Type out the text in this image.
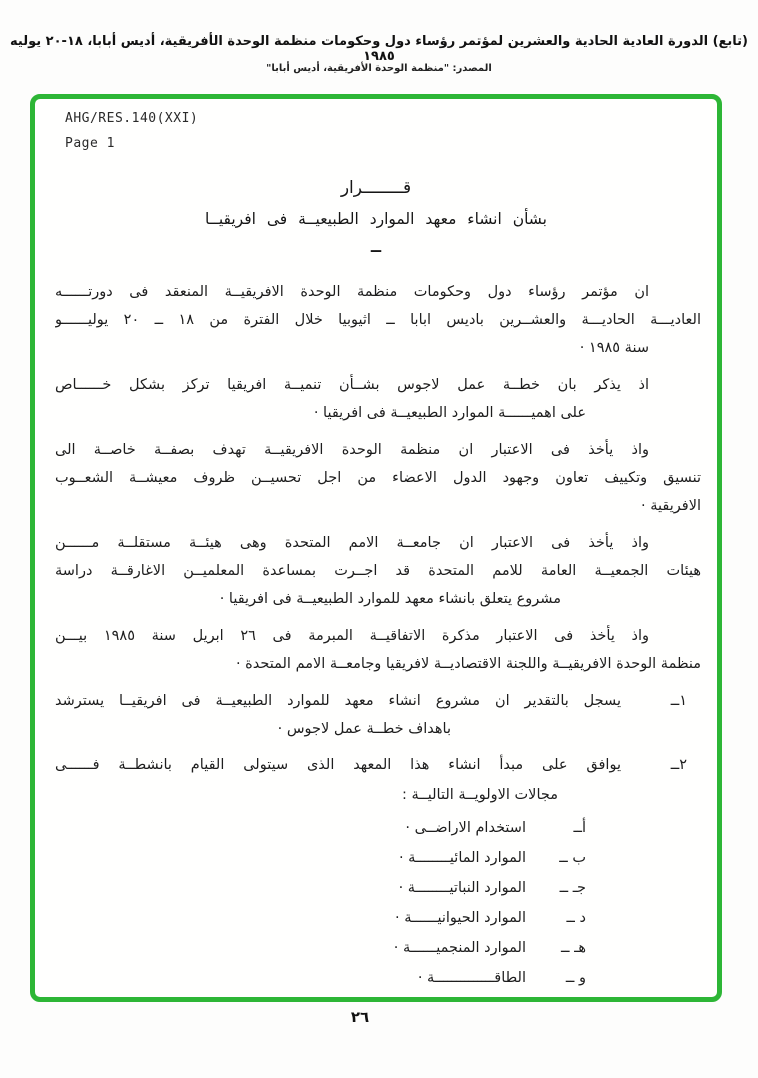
(تابع) الدورة العادية الحادية والعشرين لمؤتمر رؤساء دول وحكومات منظمة الوحدة الأفريقية، أديس أبابا، ١٨-٢٠ يوليه ١٩٨٥
المصدر: "منظمة الوحدة الأفريقية، أديس أبابا"
AHG/RES.140(XXI)
Page 1
قــــــــرار
بشأن انشاء معهد الموارد الطبيعيــة فى افريقيــا
ــ
ان مؤتمر رؤساء دول وحكومات منظمة الوحدة الافريقيــة المنعقد فى دورتــــــه
العاديـــة الحاديـــة والعشــرين باديس ابابا ــ اثيوبيا خلال الفترة من ١٨ ــ ٢٠ يوليــــــو
سنة ١٩٨٥ ·
اذ يذكر بان خطــة عمل لاجوس بشــأن تنميــة افريقيا تركز بشكل خــــــاص
على اهميــــــة الموارد الطبيعيــة فى افريقيا ·
واذ يأخذ فى الاعتبار ان منظمة الوحدة الافريقيــة تهدف بصفــة خاصــة الى
تنسيق وتكييف تعاون وجهود الدول الاعضاء من اجل تحسيــن ظروف معيشــة الشعــوب
الافريقية ·
واذ يأخذ فى الاعتبار ان جامعــة الامم المتحدة وهى هيئــة مستقلــة مــــــن
هيئات الجمعيــة العامة للامم المتحدة قد اجــرت بمساعدة المعلميــن الاغارقــة دراسة
مشروع يتعلق بانشاء معهد للموارد الطبيعيــة فى افريقيا ·
واذ يأخذ فى الاعتبار مذكرة الاتفاقيــة المبرمة فى ٢٦ ابريل سنة ١٩٨٥ بيـــن
منظمة الوحدة الافريقيــة واللجنة الاقتصاديــة لافريقيا وجامعــة الامم المتحدة ·
١ــ
يسجل بالتقدير ان مشروع انشاء معهد للموارد الطبيعيــة فى افريقيــا يسترشد
باهداف خطــة عمل لاجوس ·
٢ــ
يوافق على مبدأ انشاء هذا المعهد الذى سيتولى القيام بانشطــة فــــــى
مجالات الاولويــة التاليــة :
أــ
استخدام الاراضــى ·
ب ــ
الموارد المائيــــــــة ·
جـ ــ
الموارد النباتيــــــــة ·
د ــ
الموارد الحيوانيــــــة ·
هـ ــ
الموارد المنجميــــــة ·
و ــ
الطاقــــــــــــــة ·
٢٦
